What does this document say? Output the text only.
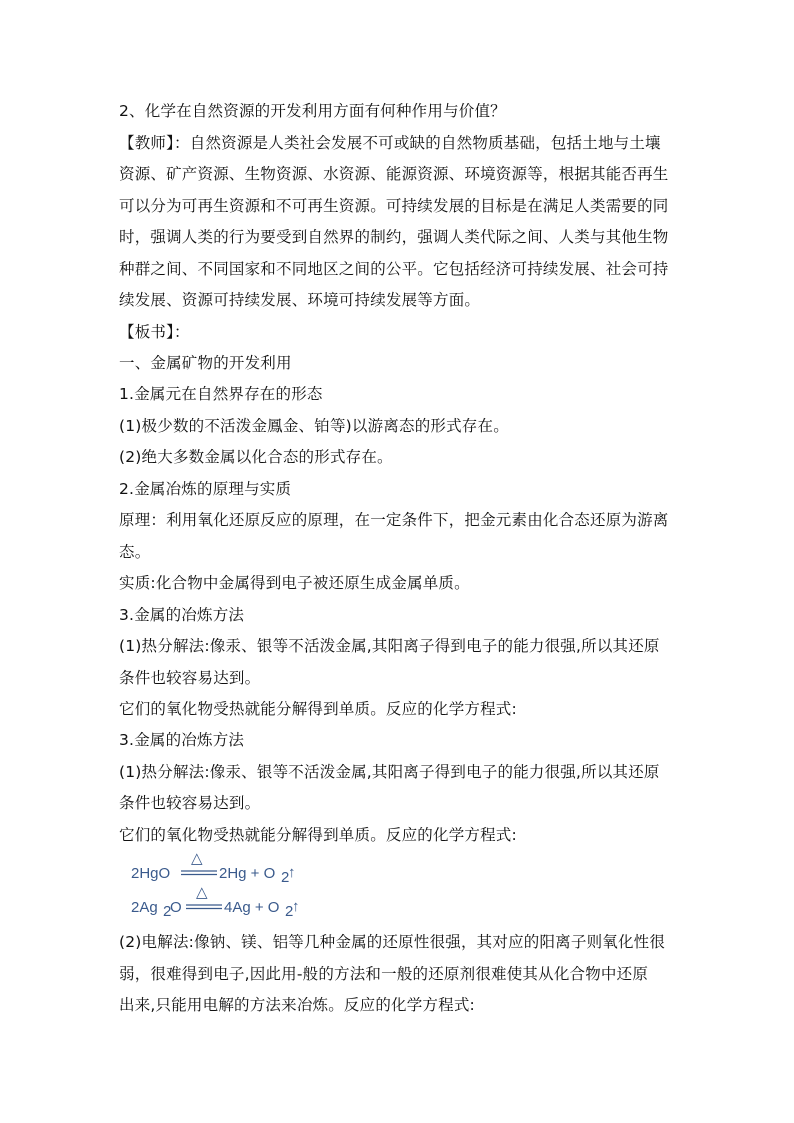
2、化学在自然资源的开发利用方面有何种作用与价值？
【教师】：自然资源是人类社会发展不可或缺的自然物质基础，包括土地与土壤
资源、矿产资源、生物资源、水资源、能源资源、环境资源等，根据其能否再生
可以分为可再生资源和不可再生资源。可持续发展的目标是在满足人类需要的同
时，强调人类的行为要受到自然界的制约，强调人类代际之间、人类与其他生物
种群之间、不同国家和不同地区之间的公平。它包括经济可持续发展、社会可持
续发展、资源可持续发展、环境可持续发展等方面。
【板书】：
一、金属矿物的开发利用
1.金属元在自然界存在的形态
(1)极少数的不活泼金鳳金、铂等)以游离态的形式存在。
(2)绝大多数金属以化合态的形式存在。
2.金属冶炼的原理与实质
原理：利用氧化还原反应的原理，在一定条件下，把金元素由化合态还原为游离
态。
实质:化合物中金属得到电子被还原生成金属单质。
3.金属的冶炼方法
(1)热分解法:像汞、银等不活泼金属,其阳离子得到电子的能力很强,所以其还原
条件也较容易达到。
它们的氧化物受热就能分解得到单质。反应的化学方程式:
3.金属的冶炼方法
(1)热分解法:像汞、银等不活泼金属,其阳离子得到电子的能力很强,所以其还原
条件也较容易达到。
它们的氧化物受热就能分解得到单质。反应的化学方程式:
2HgO
△
2Hg + O 2
↑
2Ag 2
O
△
4Ag + O 2
↑
(2)电解法:像钠、镁、铝等几种金属的还原性很强，其对应的阳离子则氧化性很
弱，很难得到电子,因此用-般的方法和一般的还原剂很难使其从化合物中还原
出来,只能用电解的方法来冶炼。反应的化学方程式:
